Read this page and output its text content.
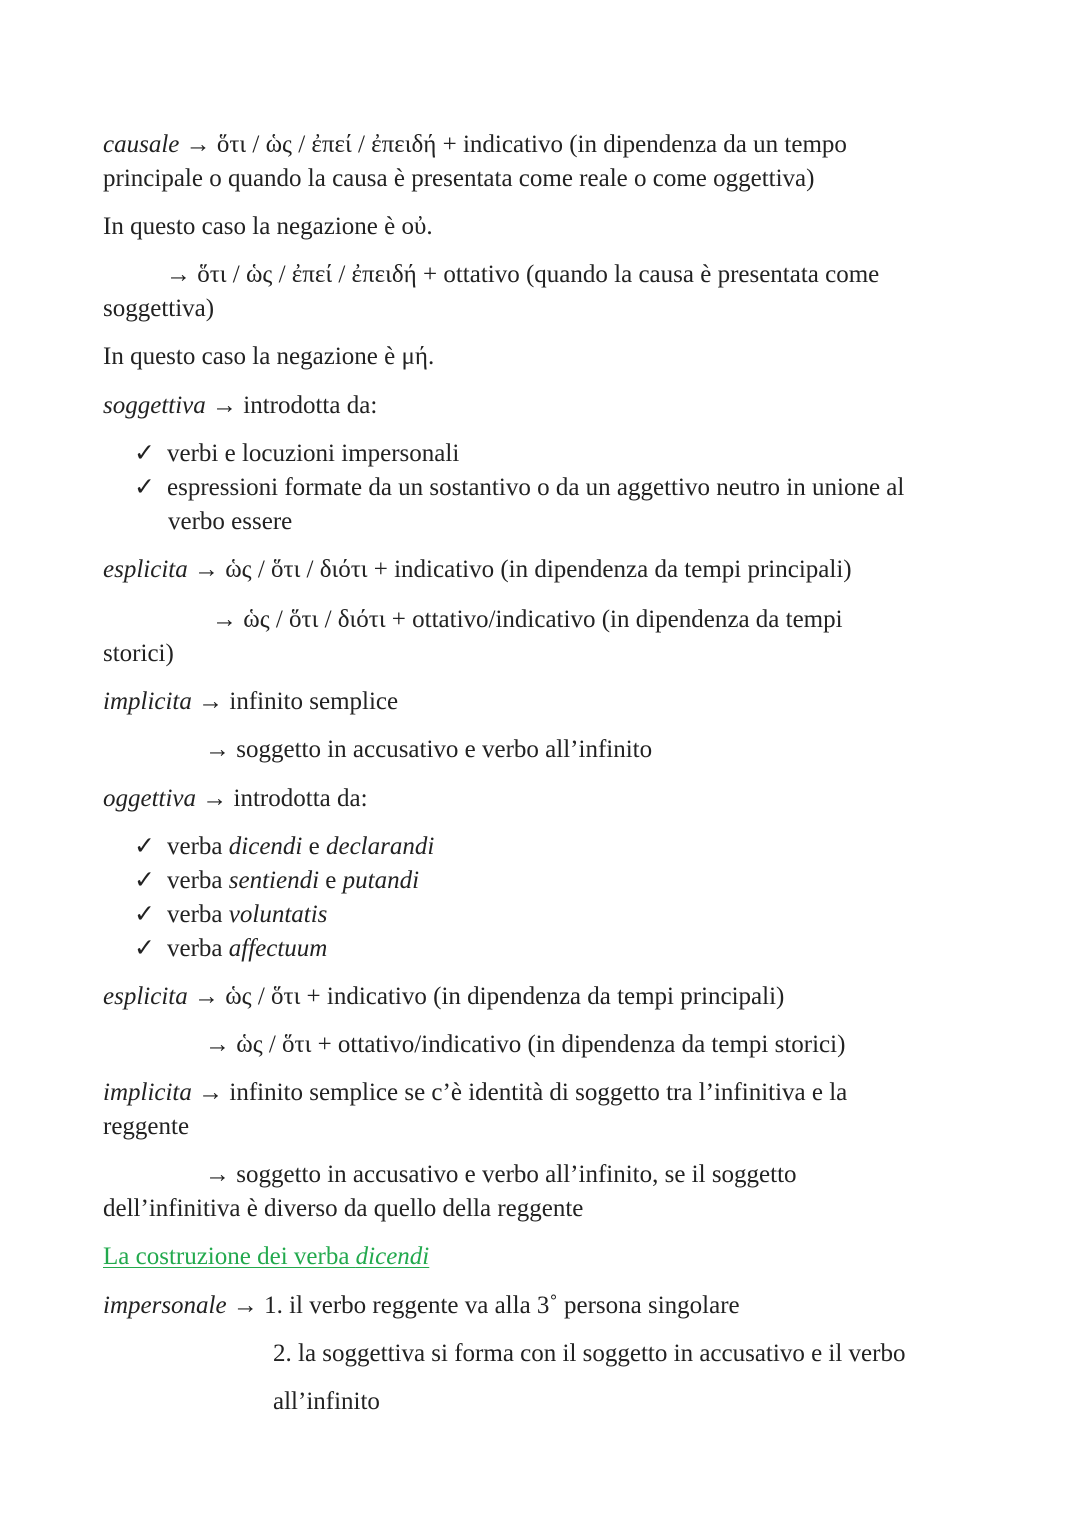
causale → ὅτι / ὡς / ἐπεί / ἐπειδή + indicativo (in dipendenza da un tempo
principale o quando la causa è presentata come reale o come oggettiva)
In questo caso la negazione è οὐ.
→ ὅτι / ὡς / ἐπεί / ἐπειδή + ottativo (quando la causa è presentata come
soggettiva)
In questo caso la negazione è μή.
soggettiva → introdotta da:
✓ verbi e locuzioni impersonali
✓ espressioni formate da un sostantivo o da un aggettivo neutro in unione al
verbo essere
esplicita → ὡς / ὅτι / διότι + indicativo (in dipendenza da tempi principali)
→ ὡς / ὅτι / διότι + ottativo/indicativo (in dipendenza da tempi
storici)
implicita → infinito semplice
→ soggetto in accusativo e verbo all’infinito
oggettiva → introdotta da:
✓ verba dicendi e declarandi
✓ verba sentiendi e putandi
✓ verba voluntatis
✓ verba affectuum
esplicita → ὡς / ὅτι + indicativo (in dipendenza da tempi principali)
→ ὡς / ὅτι + ottativo/indicativo (in dipendenza da tempi storici)
implicita → infinito semplice se c’è identità di soggetto tra l’infinitiva e la
reggente
→ soggetto in accusativo e verbo all’infinito, se il soggetto
dell’infinitiva è diverso da quello della reggente
La costruzione dei verba dicendi
impersonale → 1. il verbo reggente va alla 3˚ persona singolare
2. la soggettiva si forma con il soggetto in accusativo e il verbo
all’infinito
